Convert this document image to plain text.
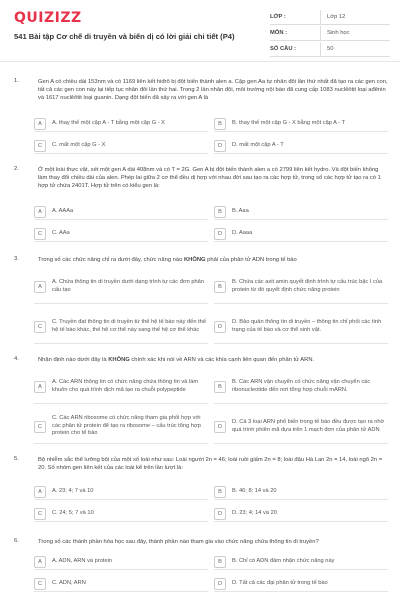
QUIZIZZ
541 Bài tập Cơ chế di truyền và biến dị có lời giải chi tiết (P4)
LỚP :	Lớp 12
MÔN :	Sinh học
SỐ CÂU :	50
1.	Gen A có chiều dài 153nm và có 1169 liên kết hiđrô bị đột biến thành alen a. Cặp gen Aa tự nhân đôi lần thứ nhất đã tạo ra các gen con, tất cả các gen con này lại tiếp tục nhân đôi lần thứ hai. Trong 2 lần nhân đôi, môi trường nội bào đã cung cấp 1083 nuclêôtit loại ađênin và 1617 nuclêôtit loại guanin. Dạng đột biến đã xảy ra với gen A là
A	A. thay thế một cặp A - T bằng một cặp G - X	B	B. thay thế một cặp G - X bằng một cặp A - T
C	C. mất một cặp G - X	D	D. mất một cặp A - T
2.	Ở một loài thực vật, xét một gen A dài 408nm và có T = 2G. Gen A bị đột biến thành alen a có 2799 liên kết hydro. Và đột biến không làm thay đổi chiều dài của alen. Phép lai giữa 2 cơ thể đều dị hợp với nhau đời sau tạo ra các hợp tử, trong số các hợp tử tạo ra có 1 hợp tử chứa 2401T. Hợp tử trên có kiểu gen là:
A	A. AAAa	B	B. Aaa
C	C. AAa	D	D. Aaaa
3.	Trong số các chức năng chỉ ra dưới đây, chức năng nào KHÔNG phải của phân tử ADN trong tế bào
A
A. Chứa thông tin di truyền dưới dạng trình tự các đơn phân cấu tạo	B
B. Chứa các axit amin quyết định trình tự cấu trúc bậc I của protein từ đó quyết định chức năng protein
C
C. Truyền đạt thông tin di truyền từ thế hệ tế bào này đến thế hệ tế bào khác, thế hệ cơ thể này sang thế hệ cơ thể khác	D
D. Bảo quản thông tin di truyền – thông tin chỉ phối các tính trạng của tế bào và cơ thể sinh vật.
4.	Nhận định nào dưới đây là KHÔNG chính xác khi nói về ARN và các khía cạnh liên quan đến phân tử ARN.
A
A. Các ARN thông tin có chức năng chứa thông tin và làm khuôn cho quá trình dịch mã tạo ra chuỗi polypeptide	B
B. Các ARN vận chuyển có chức năng vận chuyển các ribonucleotide đến nơi tổng hợp chuỗi mARN.
C
C. Các ARN ribosome có chức năng tham gia phối hợp với các phân tử protein để tạo ra ribosome – cấu trúc tổng hợp protein cho tế bào
D
D. Cả 3 loại ARN phổ biến trong tế bào đều được tạo ra nhờ quá trình phiên mã dựa trên 1 mạch đơn của phân tử ADN
5.	Bộ nhiễm sắc thể lưỡng bội của một số loài như sau: Loài người 2n = 46; loài ruồi giấm 2n = 8; loài đậu Hà Lan 2n = 14, loài ngô 2n = 20. Số nhóm gen liên kết của các loài kể trên lần lượt là:
A	A. 23; 4; 7 và 10	B	B. 46; 8; 14 và 20
C	C. 24; 5; 7 và 10	D	D. 23; 4; 14 và 20
6.	Trong số các thành phần hóa học sau đây, thành phần nào tham gia vào chức năng chứa thông tin di truyền?
A	A. ADN, ARN và protein	B	B. Chỉ có ADN đảm nhận chức năng này
C	C. ADN, ARN	D	D. Tất cả các đại phân tử trong tế bào
